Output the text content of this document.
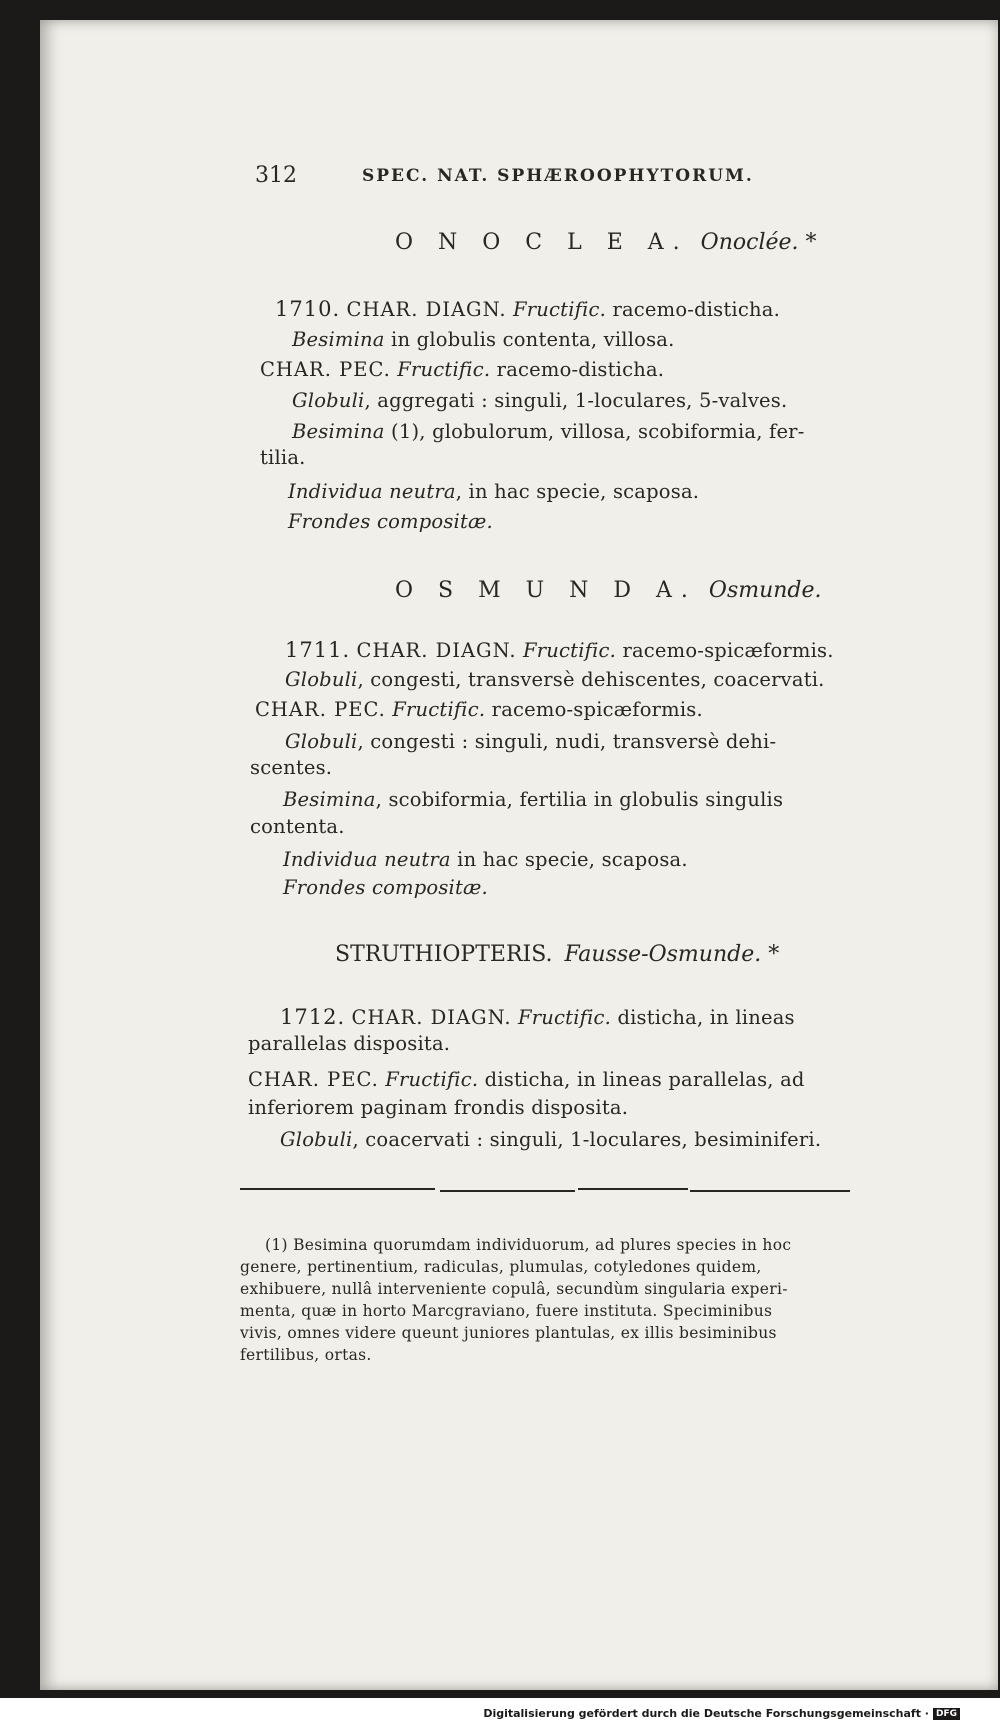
312	SPEC. NAT. SPHÆROOPHYTORUM.
O N O C L E A. Onoclée. *
1710. CHAR. DIAGN. Fructific. racemo-disticha.
Besimina in globulis contenta, villosa.
CHAR. PEC. Fructific. racemo-disticha.
Globuli, aggregati : singuli, 1-loculares, 5-valves.
Besimina (1), globulorum, villosa, scobiformia, fer-
tilia.
Individua neutra, in hac specie, scaposa.
Frondes compositæ.
O S M U N D A. Osmunde.
1711. CHAR. DIAGN. Fructific. racemo-spicæformis.
Globuli, congesti, transversè dehiscentes, coacervati.
CHAR. PEC. Fructific. racemo-spicæformis.
Globuli, congesti : singuli, nudi, transversè dehi-
scentes.
Besimina, scobiformia, fertilia in globulis singulis
contenta.
Individua neutra in hac specie, scaposa.
Frondes compositæ.
STRUTHIOPTERIS. Fausse-Osmunde. *
1712. CHAR. DIAGN. Fructific. disticha, in lineas
parallelas disposita.
CHAR. PEC. Fructific. disticha, in lineas parallelas, ad
inferiorem paginam frondis disposita.
Globuli, coacervati : singuli, 1-loculares, besiminiferi.
(1) Besimina quorumdam individuorum, ad plures species in hoc
genere, pertinentium, radiculas, plumulas, cotyledones quidem,
exhibuere, nullâ interveniente copulâ, secundùm singularia experi-
menta, quæ in horto Marcgraviano, fuere instituta. Speciminibus
vivis, omnes videre queunt juniores plantulas, ex illis besiminibus
fertilibus, ortas.
Digitalisierung gefördert durch die Deutsche Forschungsgemeinschaft · DFG
